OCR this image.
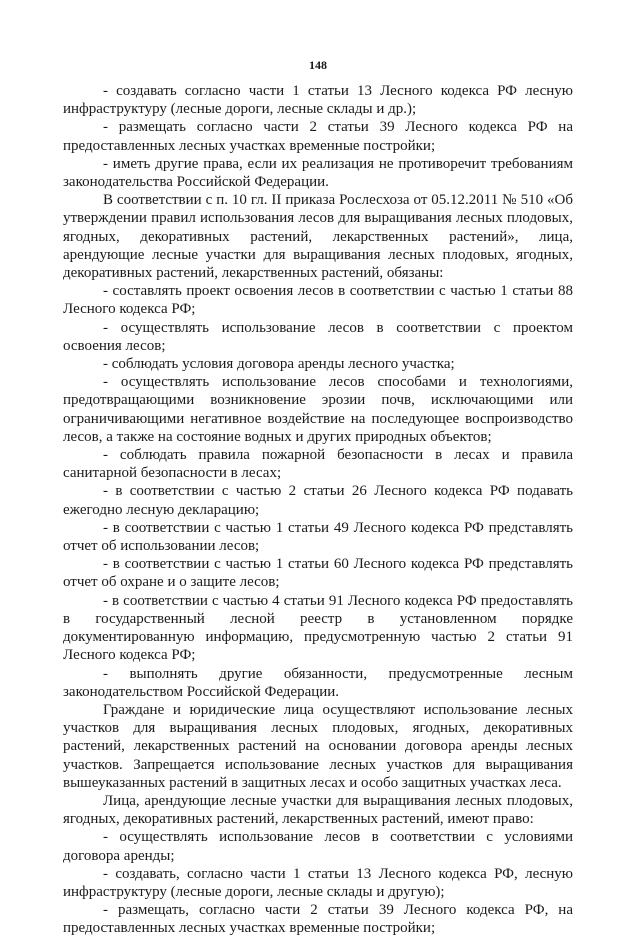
148

- создавать согласно части 1 статьи 13 Лесного кодекса РФ лесную инфраструктуру (лесные дороги, лесные склады и др.);

- размещать согласно части 2 статьи 39 Лесного кодекса РФ на предоставленных лесных участках временные постройки;

- иметь другие права, если их реализация не противоречит требованиям законодательства Российской Федерации.

В соответствии с п. 10 гл. II приказа Рослесхоза от 05.12.2011 № 510 «Об утверждении правил использования лесов для выращивания лесных плодовых, ягодных, декоративных растений, лекарственных растений», лица, арендующие лесные участки для выращивания лесных плодовых, ягодных, декоративных растений, лекарственных растений, обязаны:

- составлять проект освоения лесов в соответствии с частью 1 статьи 88 Лесного кодекса РФ;

- осуществлять использование лесов в соответствии с проектом освоения лесов;

- соблюдать условия договора аренды лесного участка;

- осуществлять использование лесов способами и технологиями, предотвращающими возникновение эрозии почв, исключающими или ограничивающими негативное воздействие на последующее воспроизводство лесов, а также на состояние водных и других природных объектов;

- соблюдать правила пожарной безопасности в лесах и правила санитарной безопасности в лесах;

- в соответствии с частью 2 статьи 26 Лесного кодекса РФ подавать ежегодно лесную декларацию;

- в соответствии с частью 1 статьи 49 Лесного кодекса РФ представлять отчет об использовании лесов;

- в соответствии с частью 1 статьи 60 Лесного кодекса РФ представлять отчет об охране и о защите лесов;

- в соответствии с частью 4 статьи 91 Лесного кодекса РФ предоставлять в государственный лесной реестр в установленном порядке документированную информацию, предусмотренную частью 2 статьи 91 Лесного кодекса РФ;

- выполнять другие обязанности, предусмотренные лесным законодательством Российской Федерации.

Граждане и юридические лица осуществляют использование лесных участков для выращивания лесных плодовых, ягодных, декоративных растений, лекарственных растений на основании договора аренды лесных участков. Запрещается использование лесных участков для выращивания вышеуказанных растений в защитных лесах и особо защитных участках леса.

Лица, арендующие лесные участки для выращивания лесных плодовых, ягодных, декоративных растений, лекарственных растений, имеют право:

- осуществлять использование лесов в соответствии с условиями договора аренды;

- создавать, согласно части 1 статьи 13 Лесного кодекса РФ, лесную инфраструктуру (лесные дороги, лесные склады и другую);

- размещать, согласно части 2 статьи 39 Лесного кодекса РФ, на предоставленных лесных участках временные постройки;
